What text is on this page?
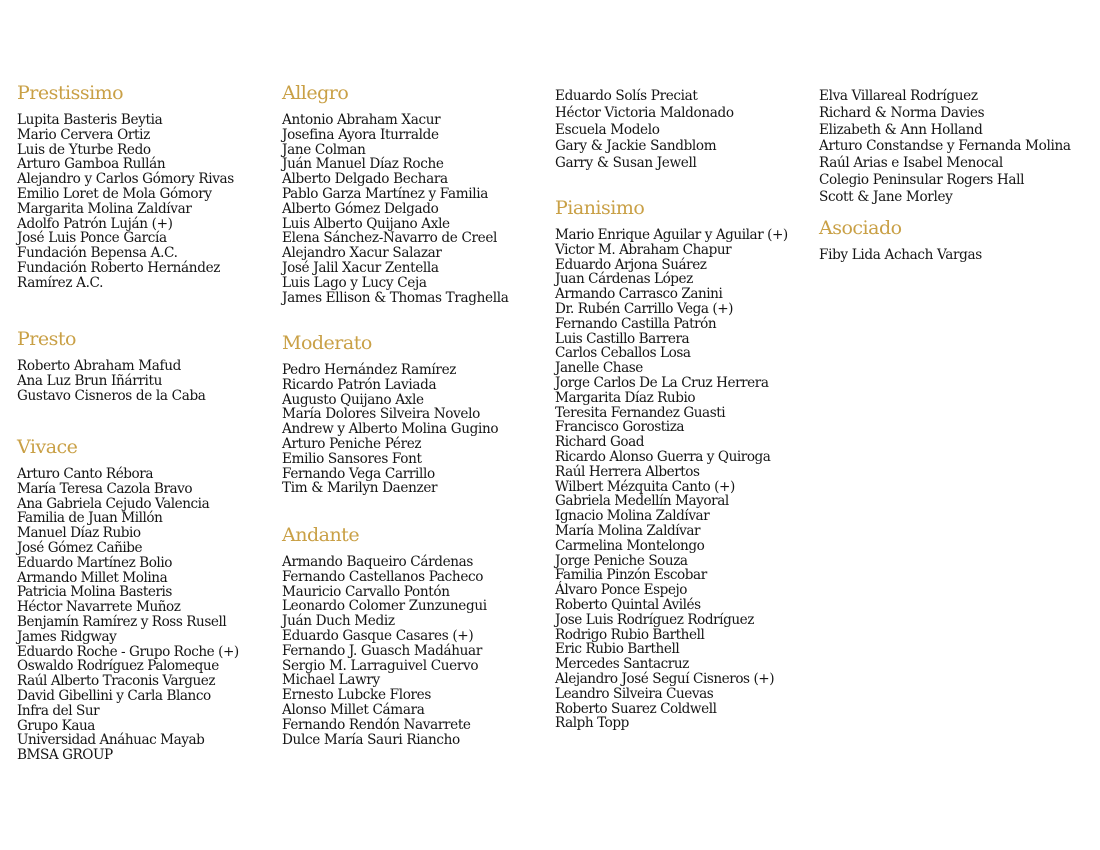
Prestissimo
Lupita Basteris Beytia
Mario Cervera Ortiz
Luis de Yturbe Redo
Arturo Gamboa Rullán
Alejandro y Carlos Gómory Rivas
Emilio Loret de Mola Gómory
Margarita Molina Zaldívar
Adolfo Patrón Luján (+)
José Luis Ponce García
Fundación Bepensa A.C.
Fundación Roberto Hernández
Ramírez A.C.
Presto
Roberto Abraham Mafud
Ana Luz Brun Iñárritu
Gustavo Cisneros de la Caba
Vivace
Arturo Canto Rébora
María Teresa Cazola Bravo
Ana Gabriela Cejudo Valencia
Familia de Juan Millón
Manuel Díaz Rubio
José Gómez Cañibe
Eduardo Martínez Bolio
Armando Millet Molina
Patricia Molina Basteris
Héctor Navarrete Muñoz
Benjamín Ramírez y Ross Rusell
James Ridgway
Eduardo Roche - Grupo Roche (+)
Oswaldo Rodríguez Palomeque
Raúl Alberto Traconis Varguez
David Gibellini y Carla Blanco
Infra del Sur
Grupo Kaua
Universidad Anáhuac Mayab
BMSA GROUP
Allegro
Antonio Abraham Xacur
Josefina Ayora Iturralde
Jane Colman
Juán Manuel Díaz Roche
Alberto Delgado Bechara
Pablo Garza Martínez y Familia
Alberto Gómez Delgado
Luis Alberto Quijano Axle
Elena Sánchez-Navarro de Creel
Alejandro Xacur Salazar
José Jalil Xacur Zentella
Luis Lago y Lucy Ceja
James Ellison & Thomas Traghella
Moderato
Pedro Hernández Ramírez
Ricardo Patrón Laviada
Augusto Quijano Axle
María Dolores Silveira Novelo
Andrew y Alberto Molina Gugino
Arturo Peniche Pérez
Emilio Sansores Font
Fernando Vega Carrillo
Tim & Marilyn Daenzer
Andante
Armando Baqueiro Cárdenas
Fernando Castellanos Pacheco
Mauricio Carvallo Pontón
Leonardo Colomer Zunzunegui
Juán Duch Mediz
Eduardo Gasque Casares (+)
Fernando J. Guasch Madáhuar
Sergio M. Larraguivel Cuervo
Michael Lawry
Ernesto Lubcke Flores
Alonso Millet Cámara
Fernando Rendón Navarrete
Dulce María Sauri Riancho
Eduardo Solís Preciat
Héctor Victoria Maldonado
Escuela Modelo
Gary & Jackie Sandblom
Garry & Susan Jewell
Pianisimo
Mario Enrique Aguilar y Aguilar (+)
Victor M. Abraham Chapur
Eduardo Arjona Suárez
Juan Cárdenas López
Armando Carrasco Zanini
Dr. Rubén Carrillo Vega (+)
Fernando Castilla Patrón
Luis Castillo Barrera
Carlos Ceballos Losa
Janelle Chase
Jorge Carlos De La Cruz Herrera
Margarita Díaz Rubio
Teresita Fernandez Guasti
Francisco Gorostiza
Richard Goad
Ricardo Alonso Guerra y Quiroga
Raúl Herrera Albertos
Wilbert Mézquita Canto (+)
Gabriela Medellín Mayoral
Ignacio Molina Zaldívar
María Molina Zaldívar
Carmelina Montelongo
Jorge Peniche Souza
Familia Pinzón Escobar
Álvaro Ponce Espejo
Roberto Quintal Avilés
Jose Luis Rodríguez Rodríguez
Rodrigo Rubio Barthell
Eric Rubio Barthell
Mercedes Santacruz
Alejandro José Seguí Cisneros (+)
Leandro Silveira Cuevas
Roberto Suarez Coldwell
Ralph Topp
Elva Villareal Rodríguez
Richard & Norma Davies
Elizabeth & Ann Holland
Arturo Constandse y Fernanda Molina
Raúl Arias e Isabel Menocal
Colegio Peninsular Rogers Hall
Scott & Jane Morley
Asociado
Fiby Lida Achach Vargas
